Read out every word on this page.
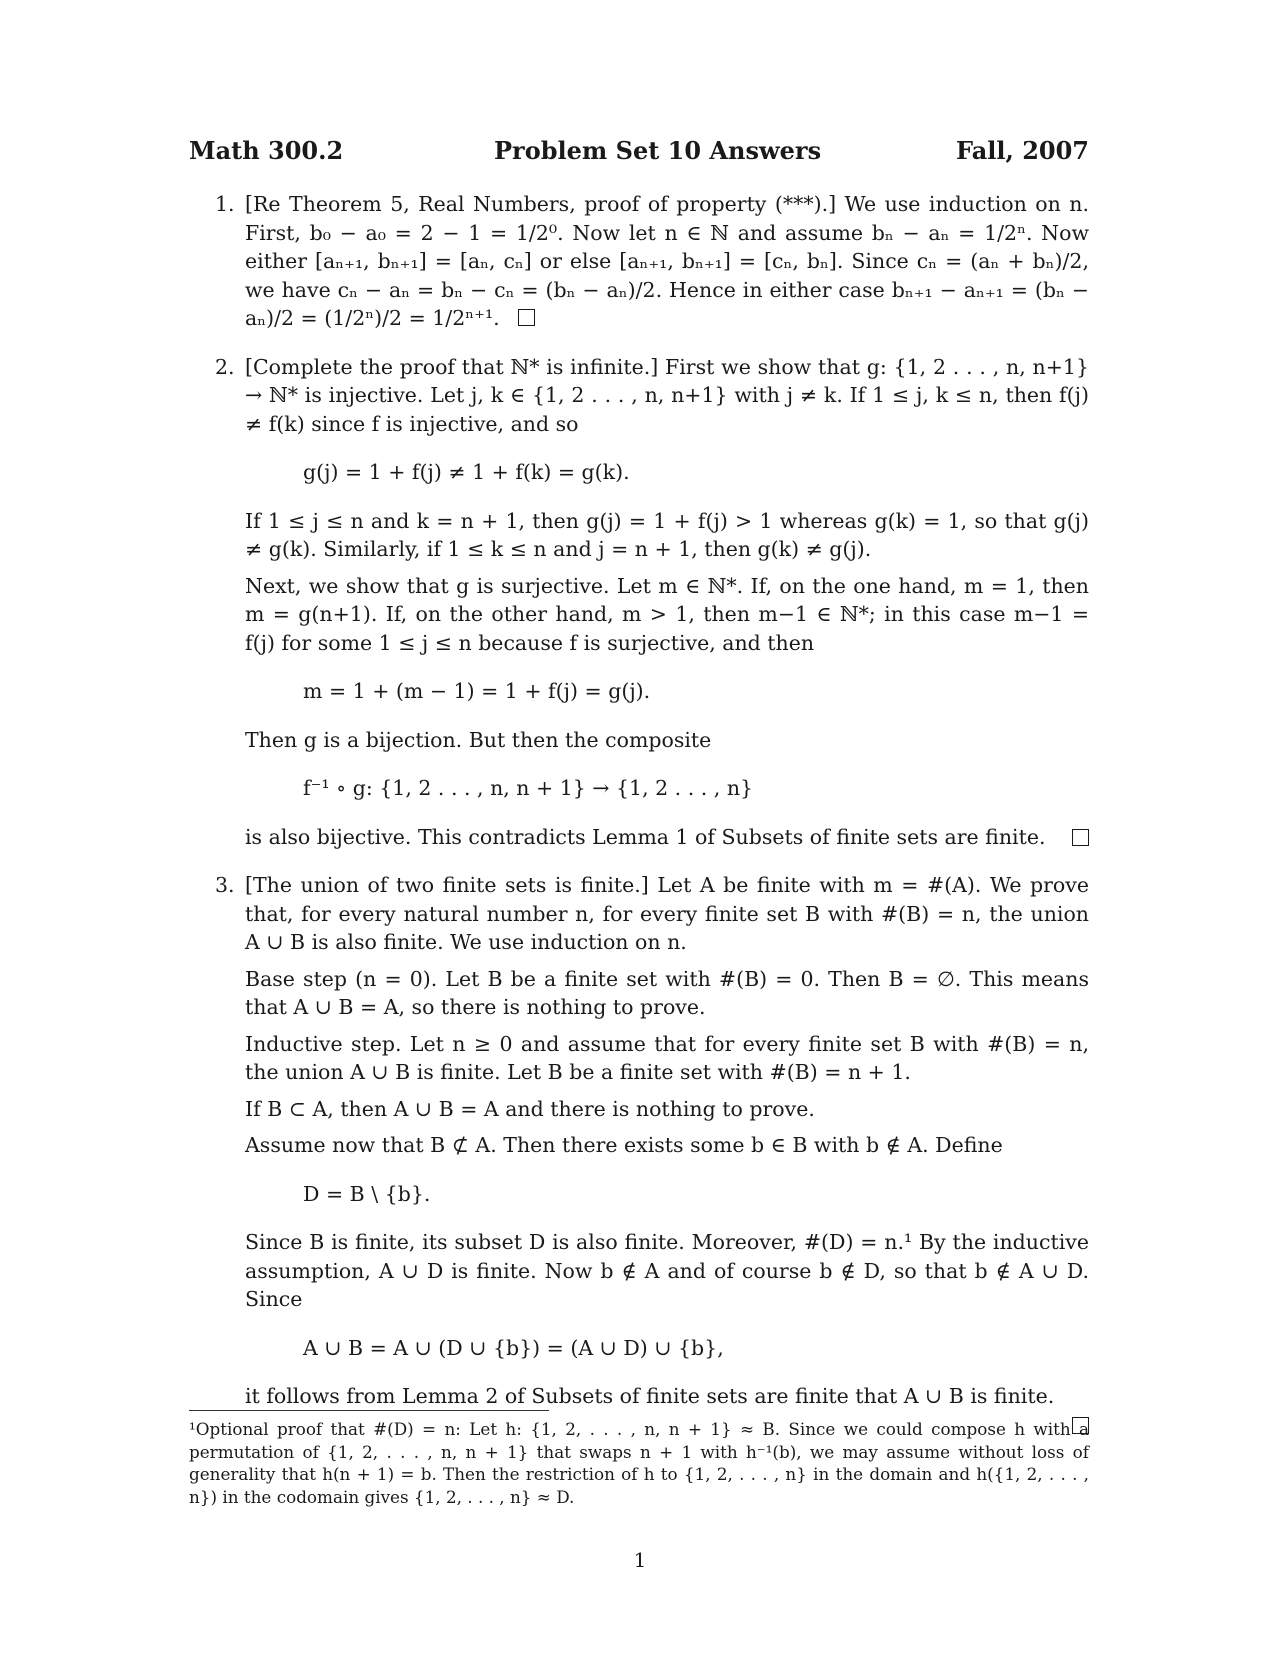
Math 300.2	Problem Set 10 Answers	Fall, 2007
1. [Re Theorem 5, Real Numbers, proof of property (***).] We use induction on n. First, b₀ − a₀ = 2 − 1 = 1/2⁰. Now let n ∈ ℕ and assume bₙ − aₙ = 1/2ⁿ. Now either [aₙ₊₁, bₙ₊₁] = [aₙ, cₙ] or else [aₙ₊₁, bₙ₊₁] = [cₙ, bₙ]. Since cₙ = (aₙ + bₙ)/2, we have cₙ − aₙ = bₙ − cₙ = (bₙ − aₙ)/2. Hence in either case bₙ₊₁ − aₙ₊₁ = (bₙ − aₙ)/2 = (1/2ⁿ)/2 = 1/2ⁿ⁺¹.

2. [Complete the proof that ℕ* is infinite.] First we show that g: {1, 2 . . . , n, n+1} → ℕ* is injective. Let j, k ∈ {1, 2 . . . , n, n+1} with j ≠ k. If 1 ≤ j, k ≤ n, then f(j) ≠ f(k) since f is injective, and so

g(j) = 1 + f(j) ≠ 1 + f(k) = g(k).

If 1 ≤ j ≤ n and k = n + 1, then g(j) = 1 + f(j) > 1 whereas g(k) = 1, so that g(j) ≠ g(k). Similarly, if 1 ≤ k ≤ n and j = n + 1, then g(k) ≠ g(j).

Next, we show that g is surjective. Let m ∈ ℕ*. If, on the one hand, m = 1, then m = g(n+1). If, on the other hand, m > 1, then m−1 ∈ ℕ*; in this case m−1 = f(j) for some 1 ≤ j ≤ n because f is surjective, and then

m = 1 + (m − 1) = 1 + f(j) = g(j).

Then g is a bijection. But then the composite

f⁻¹ ∘ g: {1, 2 . . . , n, n + 1} → {1, 2 . . . , n}

is also bijective. This contradicts Lemma 1 of Subsets of finite sets are finite.

3. [The union of two finite sets is finite.] Let A be finite with m = #(A). We prove that, for every natural number n, for every finite set B with #(B) = n, the union A ∪ B is also finite. We use induction on n.

Base step (n = 0). Let B be a finite set with #(B) = 0. Then B = ∅. This means that A ∪ B = A, so there is nothing to prove.

Inductive step. Let n ≥ 0 and assume that for every finite set B with #(B) = n, the union A ∪ B is finite. Let B be a finite set with #(B) = n + 1.

If B ⊂ A, then A ∪ B = A and there is nothing to prove.

Assume now that B ⊄ A. Then there exists some b ∈ B with b ∉ A. Define

D = B \ {b}.

Since B is finite, its subset D is also finite. Moreover, #(D) = n.¹ By the inductive assumption, A ∪ D is finite. Now b ∉ A and of course b ∉ D, so that b ∉ A ∪ D. Since

A ∪ B = A ∪ (D ∪ {b}) = (A ∪ D) ∪ {b},

it follows from Lemma 2 of Subsets of finite sets are finite that A ∪ B is finite.

¹Optional proof that #(D) = n: Let h: {1, 2, . . . , n, n + 1} ≈ B. Since we could compose h with a permutation of {1, 2, . . . , n, n + 1} that swaps n + 1 with h⁻¹(b), we may assume without loss of generality that h(n + 1) = b. Then the restriction of h to {1, 2, . . . , n} in the domain and h({1, 2, . . . , n}) in the codomain gives {1, 2, . . . , n} ≈ D.
1
